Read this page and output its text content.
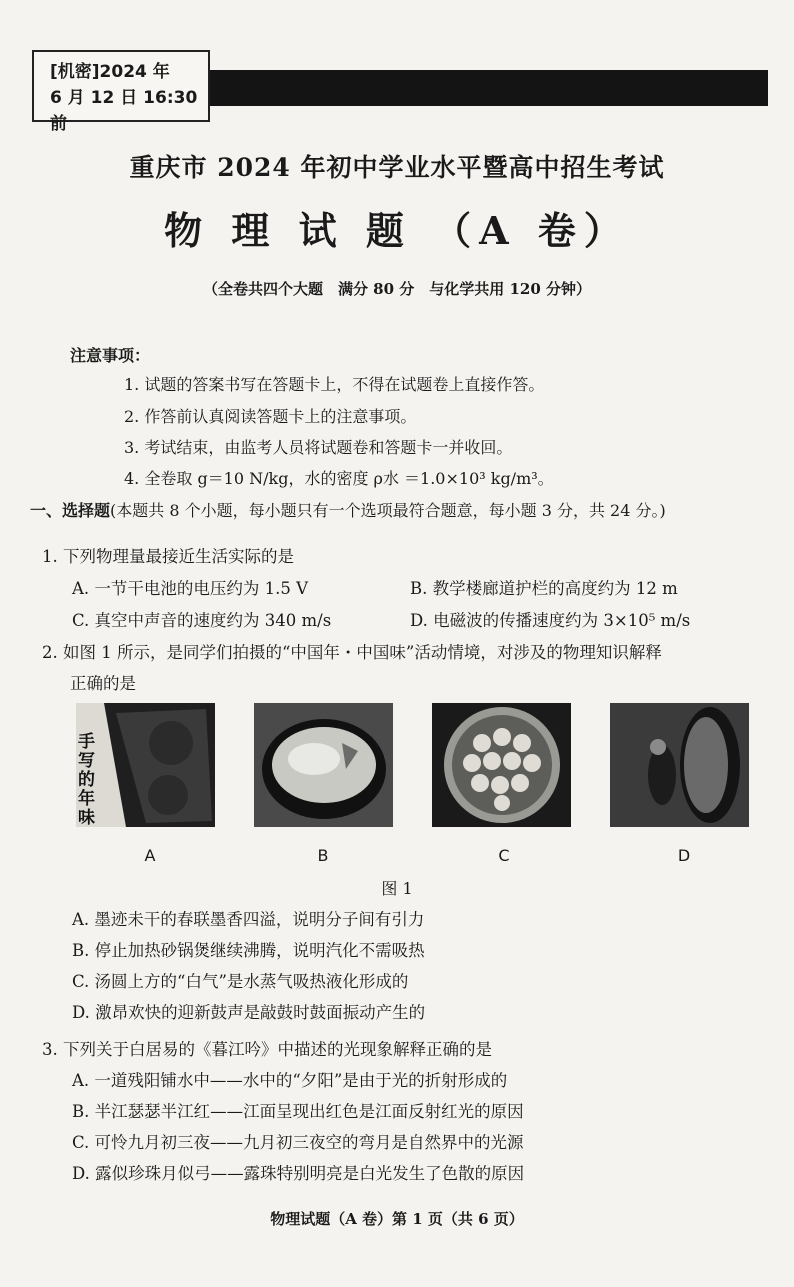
[机密]2024 年
6 月 12 日 16:30 前
重庆市 2024 年初中学业水平暨高中招生考试
物 理 试 题 （A 卷）
（全卷共四个大题　满分 80 分　与化学共用 120 分钟）
注意事项：
1. 试题的答案书写在答题卡上，不得在试题卷上直接作答。
2. 作答前认真阅读答题卡上的注意事项。
3. 考试结束，由监考人员将试题卷和答题卡一并收回。
4. 全卷取 g＝10 N/kg，水的密度 ρ水 ＝1.0×10³ kg/m³。
一、选择题(本题共 8 个小题，每小题只有一个选项最符合题意，每小题 3 分，共 24 分。)
1. 下列物理量最接近生活实际的是
A. 一节干电池的电压约为 1.5 V	B. 教学楼廊道护栏的高度约为 12 m
C. 真空中声音的速度约为 340 m/s	D. 电磁波的传播速度约为 3×10⁵ m/s
2. 如图 1 所示，是同学们拍摄的“中国年・中国味”活动情境，对涉及的物理知识解释
正确的是
手写的年味
A	B	C	D
图 1
A. 墨迹未干的春联墨香四溢，说明分子间有引力
B. 停止加热砂锅煲继续沸腾，说明汽化不需吸热
C. 汤圆上方的“白气”是水蒸气吸热液化形成的
D. 激昂欢快的迎新鼓声是敲鼓时鼓面振动产生的
3. 下列关于白居易的《暮江吟》中描述的光现象解释正确的是
A. 一道残阳铺水中——水中的“夕阳”是由于光的折射形成的
B. 半江瑟瑟半江红——江面呈现出红色是江面反射红光的原因
C. 可怜九月初三夜——九月初三夜空的弯月是自然界中的光源
D. 露似珍珠月似弓——露珠特别明亮是白光发生了色散的原因
物理试题（A 卷）第 1 页（共 6 页）
